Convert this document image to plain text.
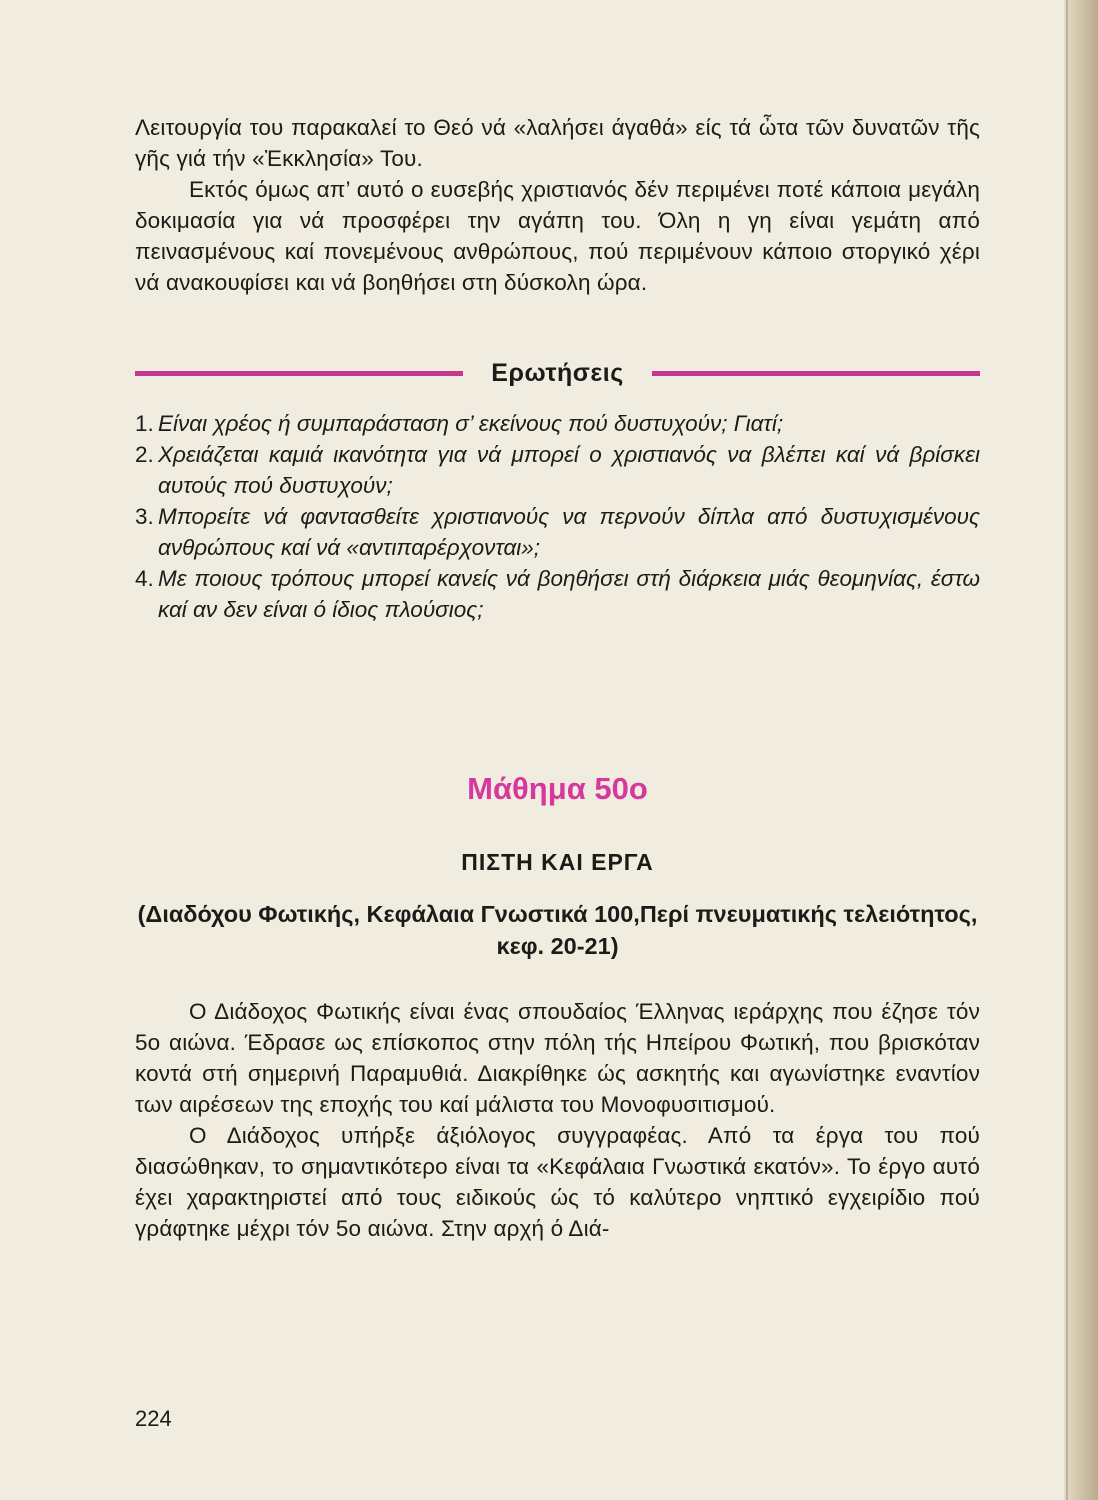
Λειτουργία του παρακαλεί το Θεό νά «λαλήσει άγαθά» είς τά ὦτα τῶν δυνατῶν τῆς γῆς γιά τήν «Ἐκκλησία» Του.

Εκτός όμως απ’ αυτό ο ευσεβής χριστιανός δέν περιμένει ποτέ κάποια μεγάλη δοκιμασία για νά προσφέρει την αγάπη του. Όλη η γη είναι γεμάτη από πεινασμένους καί πονεμένους ανθρώπους, πού περιμένουν κάποιο στοργικό χέρι νά ανακουφίσει και νά βοηθήσει στη δύσκολη ώρα.

Ερωτήσεις
1. Είναι χρέος ή συμπαράσταση σ’ εκείνους πού δυστυχούν; Γιατί;
2. Χρειάζεται καμιά ικανότητα για νά μπορεί ο χριστιανός να βλέπει καί νά βρίσκει αυτούς πού δυστυχούν;
3. Μπορείτε νά φαντασθείτε χριστιανούς να περνούν δίπλα από δυστυχισμένους ανθρώπους καί νά «αντιπαρέρχονται»;
4. Με ποιους τρόπους μπορεί κανείς νά βοηθήσει στή διάρκεια μιάς θεομηνίας, έστω καί αν δεν είναι ό ίδιος πλούσιος;
Μάθημα 50ο
ΠΙΣΤΗ ΚΑΙ ΕΡΓΑ
(Διαδόχου Φωτικής, Κεφάλαια Γνωστικά 100,Περί πνευματικής τελειότητος, κεφ. 20-21)

Ο Διάδοχος Φωτικής είναι ένας σπουδαίος Έλληνας ιεράρχης που έζησε τόν 5ο αιώνα. Έδρασε ως επίσκοπος στην πόλη τής Ηπείρου Φωτική, που βρισκόταν κοντά στή σημερινή Παραμυθιά. Διακρίθηκε ώς ασκητής και αγωνίστηκε εναντίον των αιρέσεων της εποχής του καί μάλιστα του Μονοφυσιτισμού.

Ο Διάδοχος υπήρξε άξιόλογος συγγραφέας. Από τα έργα του πού διασώθηκαν, το σημαντικότερο είναι τα «Κεφάλαια Γνωστικά εκατόν». Το έργο αυτό έχει χαρακτηριστεί από τους ειδικούς ώς τό καλύτερο νηπτικό εγχειρίδιο πού γράφτηκε μέχρι τόν 5ο αιώνα. Στην αρχή ό Διά-

224
